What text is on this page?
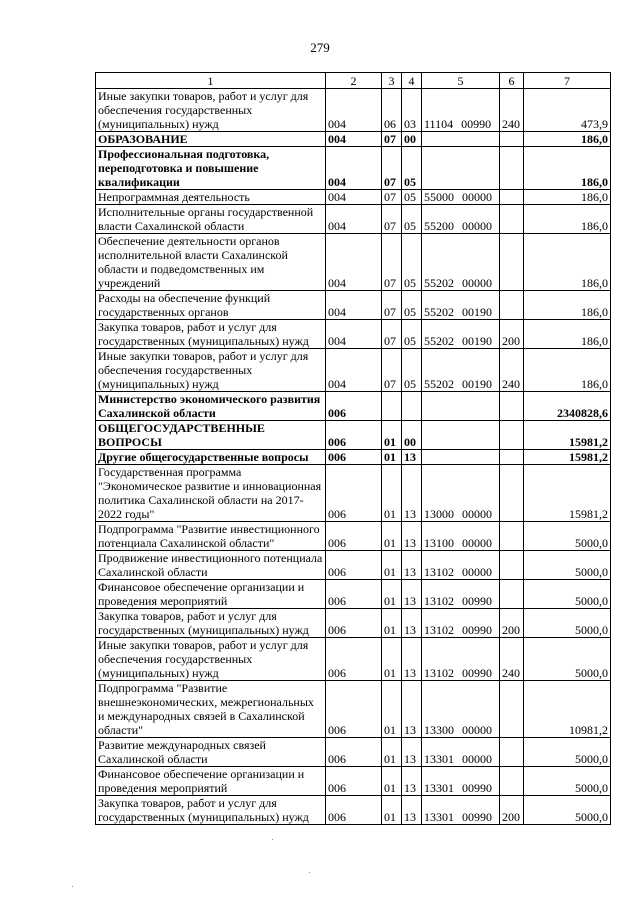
279
1	2	3	4	5	6	7
Иные закупки товаров, работ и услуг для обеспечения государственных (муниципальных) нужд	004	06	03	11104 00990	240	473,9
ОБРАЗОВАНИЕ	004	07	00			186,0
Профессиональная подготовка, переподготовка и повышение квалификации	004	07	05			186,0
Непрограммная деятельность	004	07	05	55000 00000		186,0
Исполнительные органы государственной власти Сахалинской области	004	07	05	55200 00000		186,0
Обеспечение деятельности органов исполнительной власти Сахалинской области и подведомственных им учреждений	004	07	05	55202 00000		186,0
Расходы на обеспечение функций государственных органов	004	07	05	55202 00190		186,0
Закупка товаров, работ и услуг для государственных (муниципальных) нужд	004	07	05	55202 00190	200	186,0
Иные закупки товаров, работ и услуг для обеспечения государственных (муниципальных) нужд	004	07	05	55202 00190	240	186,0
Министерство экономического развития Сахалинской области	006					2340828,6
ОБЩЕГОСУДАРСТВЕННЫЕ ВОПРОСЫ	006	01	00			15981,2
Другие общегосударственные вопросы	006	01	13			15981,2
Государственная программа "Экономическое развитие и инновационная политика Сахалинской области на 2017-2022 годы"	006	01	13	13000 00000		15981,2
Подпрограмма "Развитие инвестиционного потенциала Сахалинской области"	006	01	13	13100 00000		5000,0
Продвижение инвестиционного потенциала Сахалинской области	006	01	13	13102 00000		5000,0
Финансовое обеспечение организации и проведения мероприятий	006	01	13	13102 00990		5000,0
Закупка товаров, работ и услуг для государственных (муниципальных) нужд	006	01	13	13102 00990	200	5000,0
Иные закупки товаров, работ и услуг для обеспечения государственных (муниципальных) нужд	006	01	13	13102 00990	240	5000,0
Подпрограмма "Развитие внешнеэкономических, межрегиональных и международных связей в Сахалинской области"	006	01	13	13300 00000		10981,2
Развитие международных связей Сахалинской области	006	01	13	13301 00000		5000,0
Финансовое обеспечение организации и проведения мероприятий	006	01	13	13301 00990		5000,0
Закупка товаров, работ и услуг для государственных (муниципальных) нужд	006	01	13	13301 00990	200	5000,0
